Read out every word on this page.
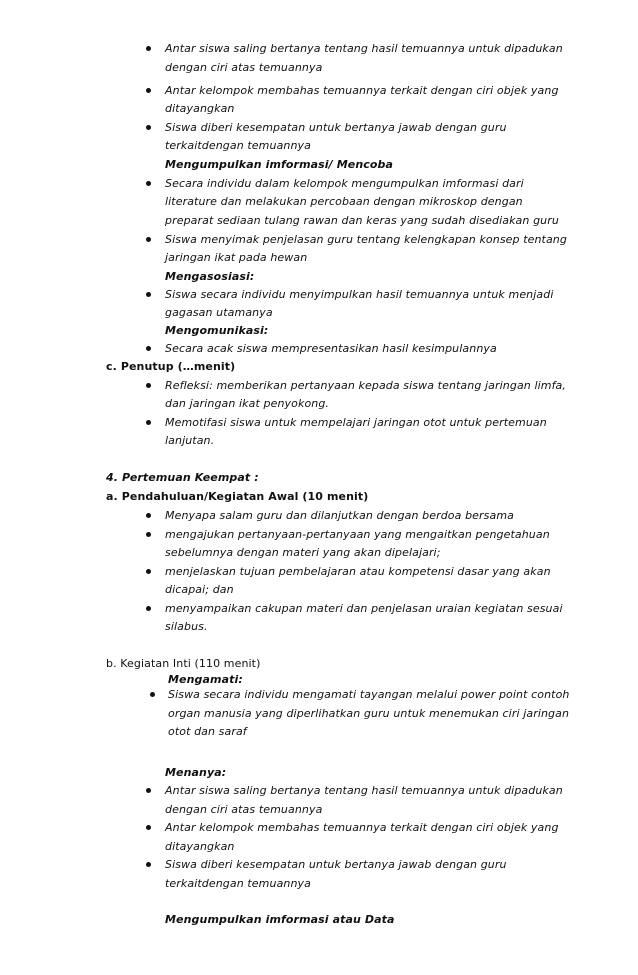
Antar siswa saling bertanya tentang hasil temuannya untuk dipadukan
dengan ciri atas temuannya
Antar kelompok membahas temuannya terkait dengan ciri objek yang
ditayangkan
Siswa diberi kesempatan untuk bertanya jawab dengan guru
terkaitdengan temuannya
Mengumpulkan imformasi/ Mencoba
Secara individu dalam kelompok mengumpulkan imformasi dari
literature dan melakukan percobaan dengan mikroskop dengan
preparat sediaan tulang rawan dan keras yang sudah disediakan guru
Siswa menyimak penjelasan guru tentang kelengkapan konsep tentang
jaringan ikat pada hewan
Mengasosiasi:
Siswa secara individu menyimpulkan hasil temuannya untuk menjadi
gagasan utamanya
Mengomunikasi:
Secara acak siswa mempresentasikan hasil kesimpulannya
c. Penutup (…menit)
Refleksi: memberikan pertanyaan kepada siswa tentang jaringan limfa,
dan jaringan ikat penyokong.
Memotifasi siswa untuk mempelajari jaringan otot untuk pertemuan
lanjutan.
4. Pertemuan Keempat :
a. Pendahuluan/Kegiatan Awal (10 menit)
Menyapa salam guru dan dilanjutkan dengan berdoa bersama
mengajukan pertanyaan-pertanyaan yang mengaitkan pengetahuan
sebelumnya dengan materi yang akan dipelajari;
menjelaskan tujuan pembelajaran atau kompetensi dasar yang akan
dicapai; dan
menyampaikan cakupan materi dan penjelasan uraian kegiatan sesuai
silabus.
b. Kegiatan Inti (110 menit)
Mengamati:
Siswa secara individu mengamati tayangan melalui power point contoh
organ manusia yang diperlihatkan guru untuk menemukan ciri jaringan
otot dan saraf
Menanya:
Antar siswa saling bertanya tentang hasil temuannya untuk dipadukan
dengan ciri atas temuannya
Antar kelompok membahas temuannya terkait dengan ciri objek yang
ditayangkan
Siswa diberi kesempatan untuk bertanya jawab dengan guru
terkaitdengan temuannya
Mengumpulkan imformasi atau Data
